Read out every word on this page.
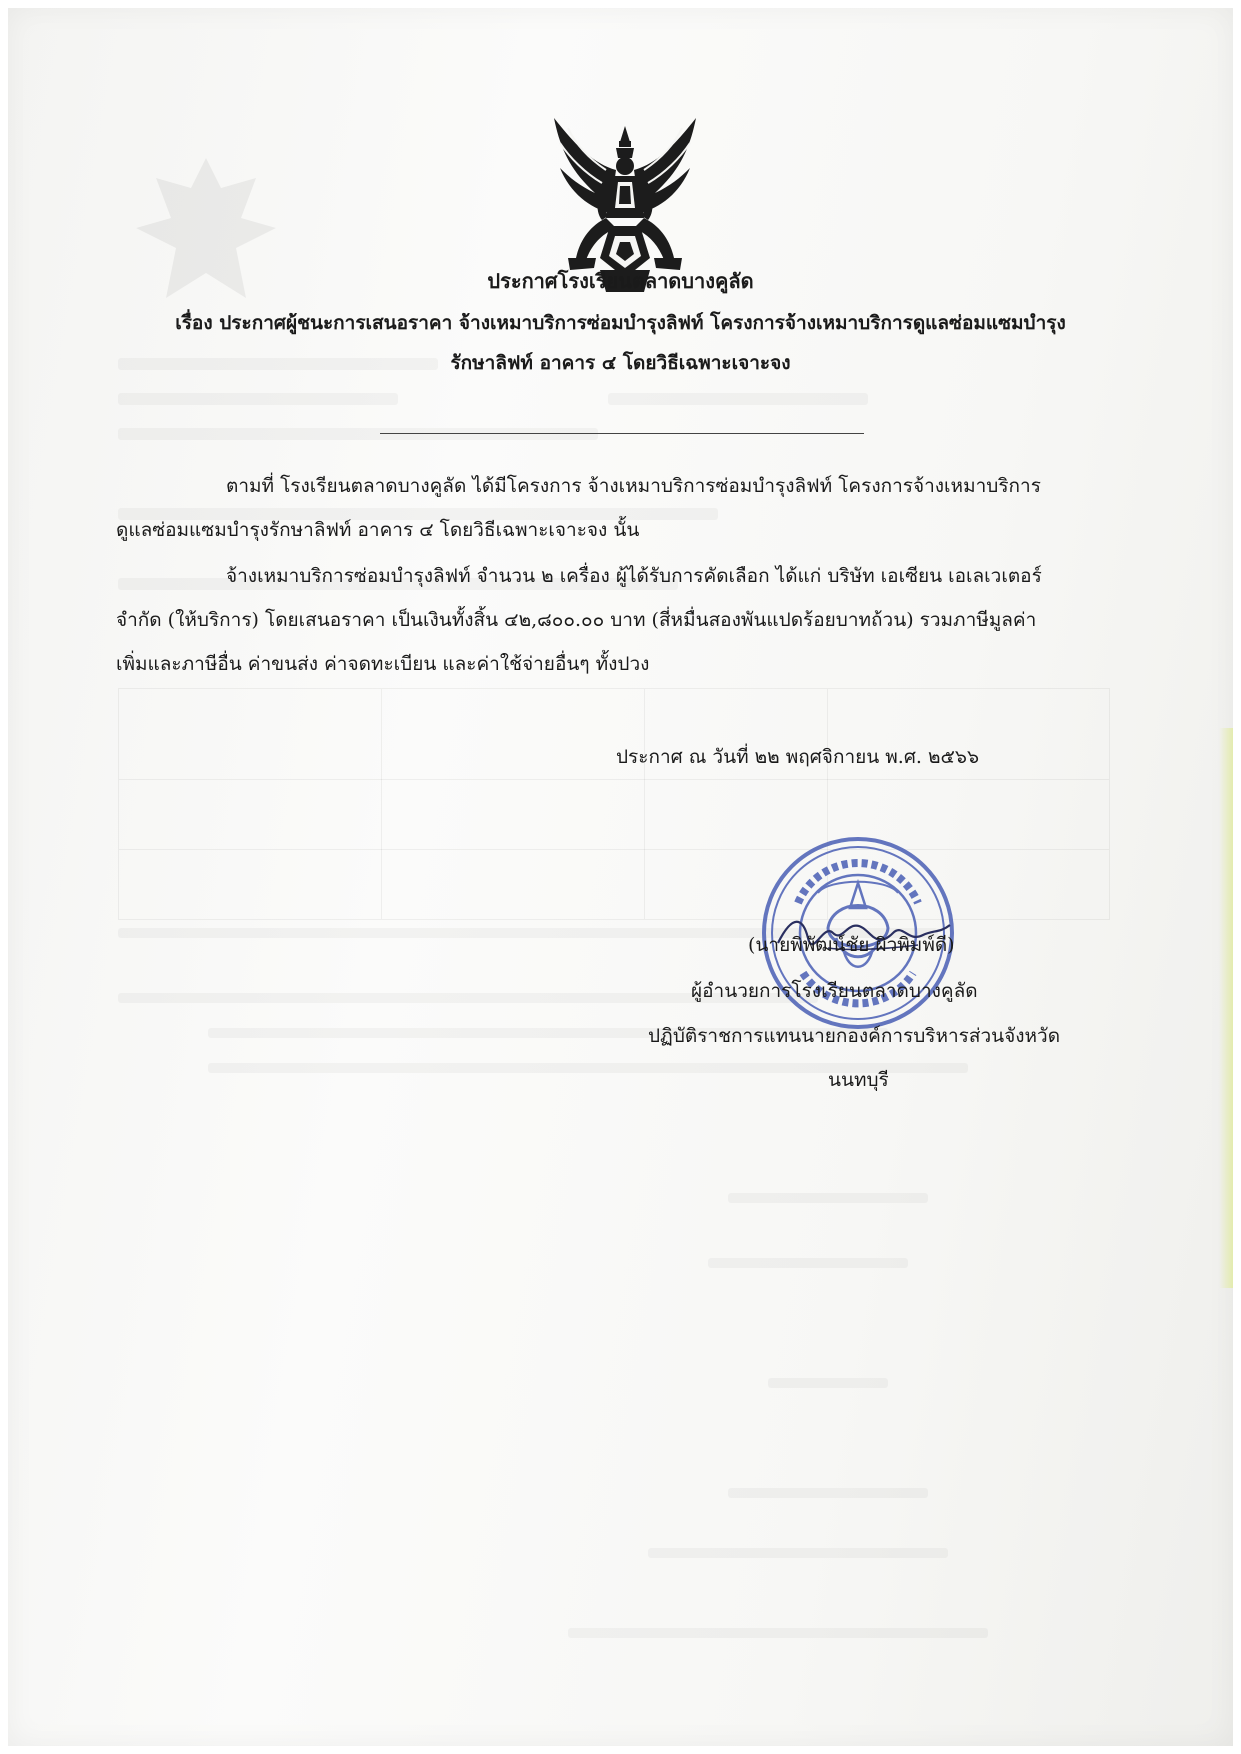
ประกาศโรงเรียนตลาดบางคูลัด
เรื่อง ประกาศผู้ชนะการเสนอราคา จ้างเหมาบริการซ่อมบำรุงลิฟท์ โครงการจ้างเหมาบริการดูแลซ่อมแซมบำรุง
รักษาลิฟท์ อาคาร ๔ โดยวิธีเฉพาะเจาะจง
ตามที่ โรงเรียนตลาดบางคูลัด ได้มีโครงการ จ้างเหมาบริการซ่อมบำรุงลิฟท์ โครงการจ้างเหมาบริการ
ดูแลซ่อมแซมบำรุงรักษาลิฟท์ อาคาร ๔ โดยวิธีเฉพาะเจาะจง นั้น
จ้างเหมาบริการซ่อมบำรุงลิฟท์ จำนวน ๒ เครื่อง ผู้ได้รับการคัดเลือก ได้แก่ บริษัท เอเซียน เอเลเวเตอร์
จำกัด (ให้บริการ) โดยเสนอราคา เป็นเงินทั้งสิ้น ๔๒,๘๐๐.๐๐ บาท (สี่หมื่นสองพันแปดร้อยบาทถ้วน) รวมภาษีมูลค่า
เพิ่มและภาษีอื่น ค่าขนส่ง ค่าจดทะเบียน และค่าใช้จ่ายอื่นๆ ทั้งปวง
ประกาศ ณ วันที่ ๒๒ พฤศจิกายน พ.ศ. ๒๕๖๖
(นายพิพัฒน์ชัย ผิวพิมพ์ดี)
ผู้อำนวยการโรงเรียนตลาดบางคูลัด
ปฏิบัติราชการแทนนายกองค์การบริหารส่วนจังหวัด
นนทบุรี
